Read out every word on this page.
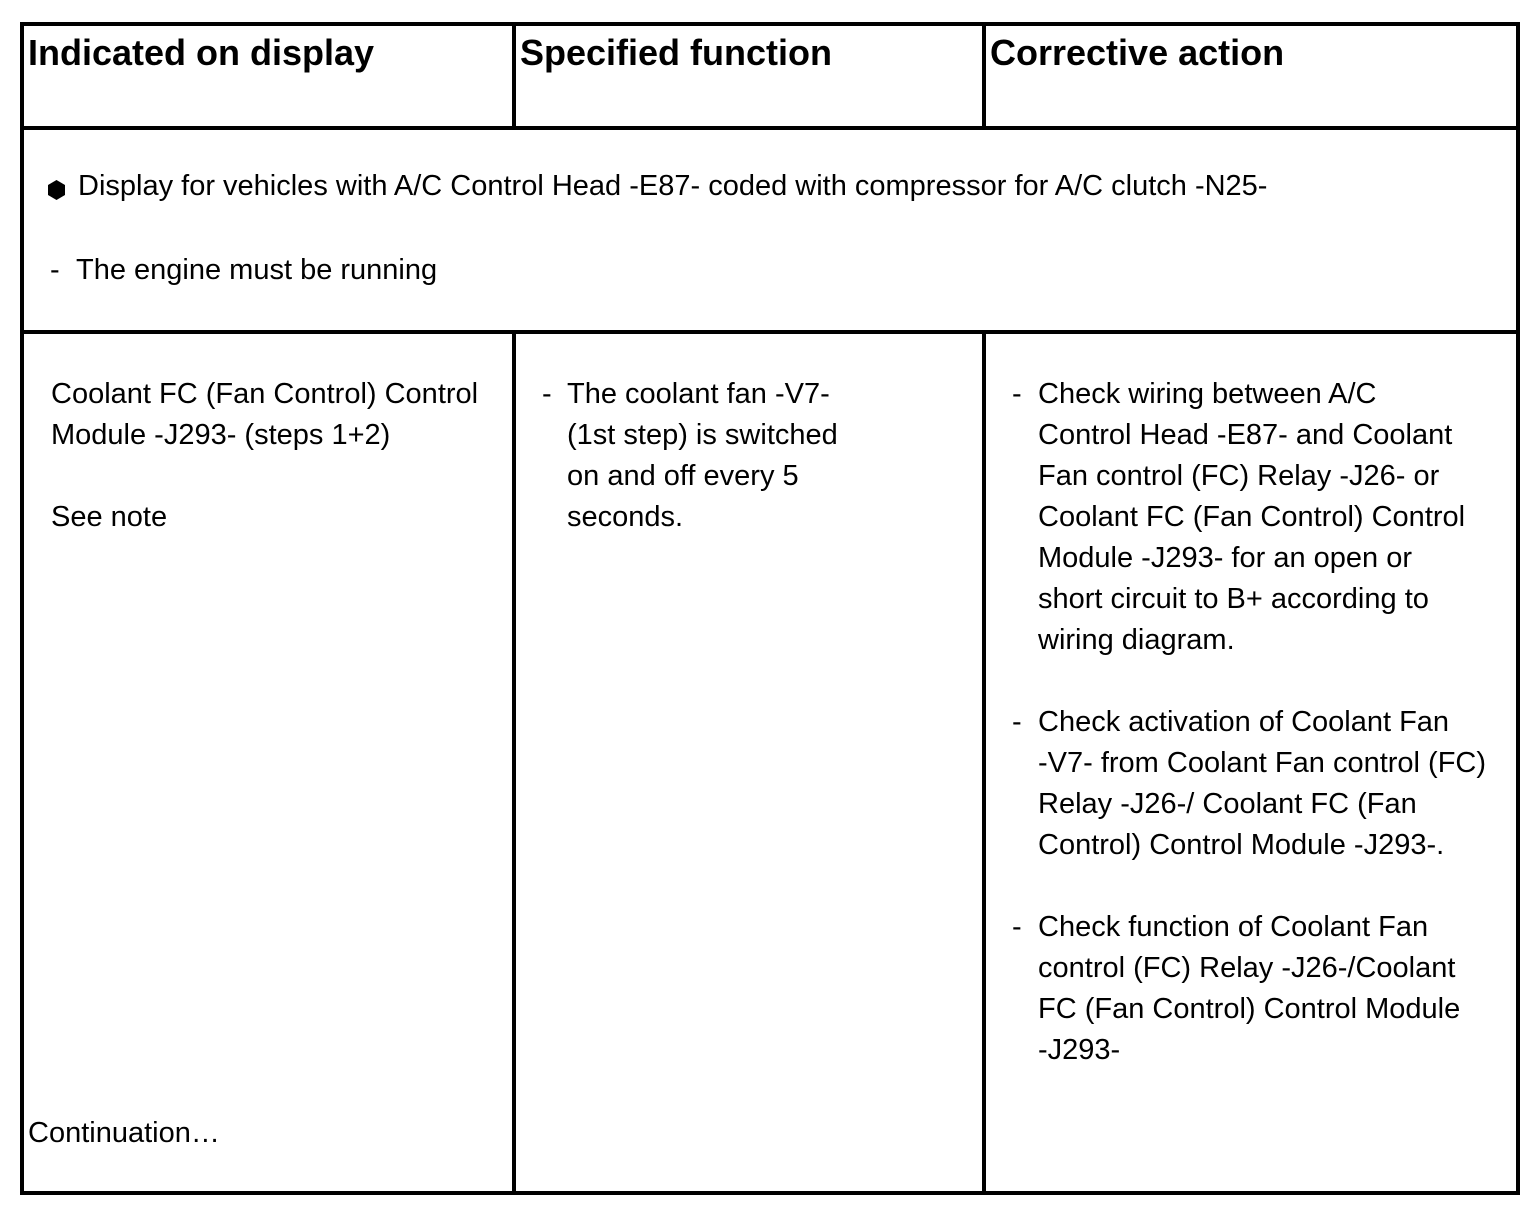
Indicated on display	Specified function	Corrective action
Display for vehicles with A/C Control Head -E87- coded with compressor for A/C clutch -N25-
- The engine must be running
Coolant FC (Fan Control) Control
Module -J293- (steps 1+2)
See note
Continuation…
- The coolant fan -V7-
(1st step) is switched
on and off every 5
seconds.
- Check wiring between A/C
Control Head -E87- and Coolant
Fan control (FC) Relay -J26- or
Coolant FC (Fan Control) Control
Module -J293- for an open or
short circuit to B+ according to
wiring diagram.
- Check activation of Coolant Fan
-V7- from Coolant Fan control (FC)
Relay -J26-/ Coolant FC (Fan
Control) Control Module -J293-.
- Check function of Coolant Fan
control (FC) Relay -J26-/Coolant
FC (Fan Control) Control Module
-J293-
